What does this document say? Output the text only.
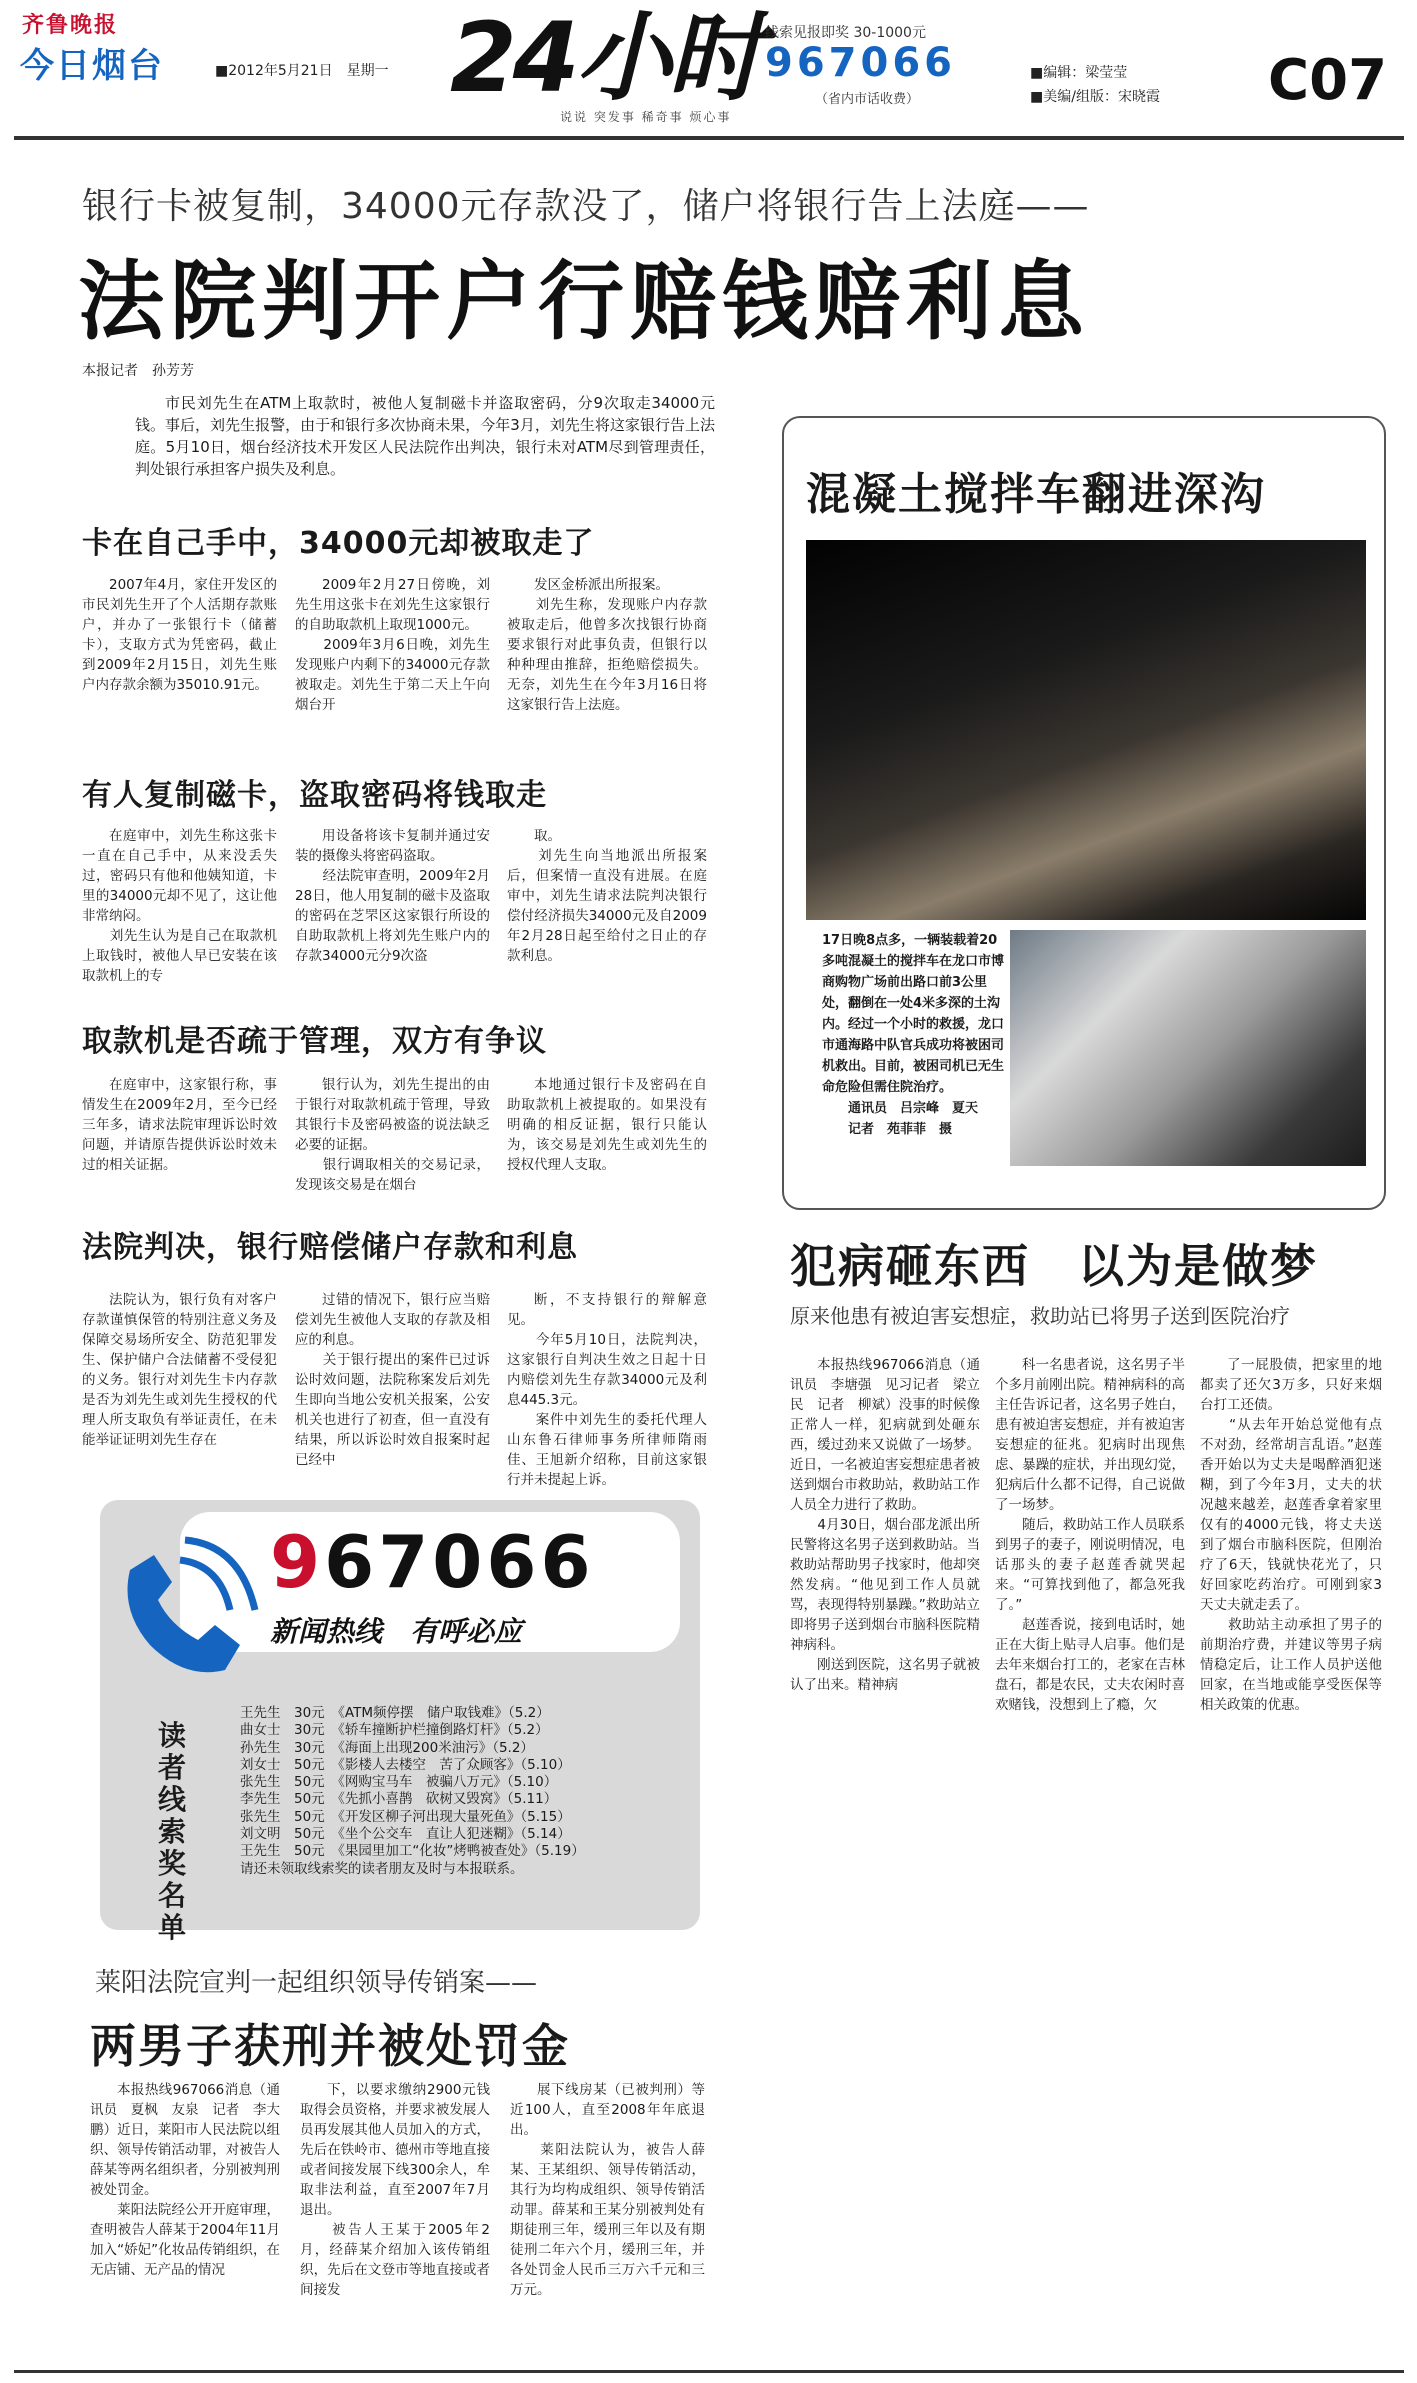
齐鲁晚报
今日烟台	■2012年5月21日　星期一 24小时
说说 突发事 稀奇事 烦心事
线索见报即奖 30-1000元
967066
（省内市话收费）
■编辑：梁莹莹
■美编/组版：宋晓霞 C07
银行卡被复制，34000元存款没了，储户将银行告上法庭——
法院判开户行赔钱赔利息
本报记者　孙芳芳

市民刘先生在ATM上取款时，被他人复制磁卡并盗取密码，分9次取走34000元钱。事后，刘先生报警，由于和银行多次协商未果，今年3月，刘先生将这家银行告上法庭。5月10日，烟台经济技术开发区人民法院作出判决，银行未对ATM尽到管理责任，判处银行承担客户损失及利息。

卡在自己手中，34000元却被取走了

2007年4月，家住开发区的市民刘先生开了个人活期存款账户，并办了一张银行卡（储蓄卡），支取方式为凭密码，截止到2009年2月15日，刘先生账户内存款余额为35010.91元。

2009年2月27日傍晚，刘先生用这张卡在刘先生这家银行的自助取款机上取现1000元。
　　2009年3月6日晚，刘先生发现账户内剩下的34000元存款被取走。刘先生于第二天上午向烟台开

发区金桥派出所报案。
　　刘先生称，发现账户内存款被取走后，他曾多次找银行协商要求银行对此事负责，但银行以种种理由推辞，拒绝赔偿损失。无奈，刘先生在今年3月16日将这家银行告上法庭。

有人复制磁卡，盗取密码将钱取走

在庭审中，刘先生称这张卡一直在自己手中，从来没丢失过，密码只有他和他姨知道，卡里的34000元却不见了，这让他非常纳闷。
　　刘先生认为是自己在取款机上取钱时，被他人早已安装在该取款机上的专

用设备将该卡复制并通过安装的摄像头将密码盗取。
　　经法院审查明，2009年2月28日，他人用复制的磁卡及盗取的密码在芝罘区这家银行所设的自助取款机上将刘先生账户内的存款34000元分9次盗

取。
　　刘先生向当地派出所报案后，但案情一直没有进展。在庭审中，刘先生请求法院判决银行偿付经济损失34000元及自2009年2月28日起至给付之日止的存款利息。

取款机是否疏于管理，双方有争议

在庭审中，这家银行称，事情发生在2009年2月，至今已经三年多，请求法院审理诉讼时效问题，并请原告提供诉讼时效未过的相关证据。

银行认为，刘先生提出的由于银行对取款机疏于管理，导致其银行卡及密码被盗的说法缺乏必要的证据。
　　银行调取相关的交易记录，发现该交易是在烟台

本地通过银行卡及密码在自助取款机上被提取的。如果没有明确的相反证据，银行只能认为，该交易是刘先生或刘先生的授权代理人支取。

法院判决，银行赔偿储户存款和利息

法院认为，银行负有对客户存款谨慎保管的特别注意义务及保障交易场所安全、防范犯罪发生、保护储户合法储蓄不受侵犯的义务。银行对刘先生卡内存款是否为刘先生或刘先生授权的代理人所支取负有举证责任，在未能举证证明刘先生存在

过错的情况下，银行应当赔偿刘先生被他人支取的存款及相应的利息。
　　关于银行提出的案件已过诉讼时效问题，法院称案发后刘先生即向当地公安机关报案，公安机关也进行了初查，但一直没有结果，所以诉讼时效自报案时起已经中

断，不支持银行的辩解意见。
　　今年5月10日，法院判决，这家银行自判决生效之日起十日内赔偿刘先生存款34000元及利息445.3元。
　　案件中刘先生的委托代理人山东鲁石律师事务所律师隋雨佳、王旭新介绍称，目前这家银行并未提起上诉。

混凝土搅拌车翻进深沟
17日晚8点多，一辆装载着20多吨混凝土的搅拌车在龙口市博商购物广场前出路口前3公里处，翻倒在一处4米多深的土沟内。经过一个小时的救援，龙口市通海路中队官兵成功将被困司机救出。目前，被困司机已无生命危险但需住院治疗。
　　通讯员　吕宗峰　夏天
　　记者　苑菲菲　摄
犯病砸东西　以为是做梦
原来他患有被迫害妄想症，救助站已将男子送到医院治疗

本报热线967066消息（通讯员　李塘强　见习记者　梁立民　记者　柳斌）没事的时候像正常人一样，犯病就到处砸东西，缓过劲来又说做了一场梦。近日，一名被迫害妄想症患者被送到烟台市救助站，救助站工作人员全力进行了救助。
　　4月30日，烟台邵龙派出所民警将这名男子送到救助站。当救助站帮助男子找家时，他却突然发病。“他见到工作人员就骂，表现得特别暴躁。”救助站立即将男子送到烟台市脑科医院精神病科。
　　刚送到医院，这名男子就被认了出来。精神病

科一名患者说，这名男子半个多月前刚出院。精神病科的高主任告诉记者，这名男子姓白，患有被迫害妄想症，并有被迫害妄想症的征兆。犯病时出现焦虑、暴躁的症状，并出现幻觉，犯病后什么都不记得，自己说做了一场梦。
　　随后，救助站工作人员联系到男子的妻子，刚说明情况，电话那头的妻子赵莲香就哭起来。“可算找到他了，都急死我了。”
　　赵莲香说，接到电话时，她正在大街上贴寻人启事。他们是去年来烟台打工的，老家在吉林盘石，都是农民，丈夫农闲时喜欢赌钱，没想到上了瘾，欠

了一屁股债，把家里的地都卖了还欠3万多，只好来烟台打工还债。
　　“从去年开始总觉他有点不对劲，经常胡言乱语。”赵莲香开始以为丈夫是喝醉酒犯迷糊，到了今年3月，丈夫的状况越来越差，赵莲香拿着家里仅有的4000元钱，将丈夫送到了烟台市脑科医院，但刚治疗了6天，钱就快花光了，只好回家吃药治疗。可刚到家3天丈夫就走丢了。
　　救助站主动承担了男子的前期治疗费，并建议等男子病情稳定后，让工作人员护送他回家，在当地或能享受医保等相关政策的优惠。

967066
新闻热线　有呼必应
读者线索奖名单
王先生　30元　《ATM频停摆　储户取钱难》（5.2）
曲女士　30元　《轿车撞断护栏撞倒路灯杆》（5.2）
孙先生　30元　《海面上出现200米油污》（5.2）
刘女士　50元　《影楼人去楼空　苦了众顾客》（5.10）
张先生　50元　《网购宝马车　被骗八万元》（5.10）
李先生　50元　《先抓小喜鹊　砍树又毁窝》（5.11）
张先生　50元　《开发区柳子河出现大量死鱼》（5.15）
刘文明　50元　《坐个公交车　直让人犯迷糊》（5.14）
王先生　50元　《果园里加工“化妆”烤鸭被查处》（5.19）
请还未领取线索奖的读者朋友及时与本报联系。
莱阳法院宣判一起组织领导传销案——
两男子获刑并被处罚金

本报热线967066消息（通讯员　夏枫　友泉　记者　李大鹏）近日，莱阳市人民法院以组织、领导传销活动罪，对被告人薛某等两名组织者，分别被判刑被处罚金。
　　莱阳法院经公开开庭审理，查明被告人薛某于2004年11月加入“娇妃”化妆品传销组织，在无店铺、无产品的情况

下，以要求缴纳2900元钱取得会员资格，并要求被发展人员再发展其他人员加入的方式，先后在铁岭市、德州市等地直接或者间接发展下线300余人，牟取非法利益，直至2007年7月退出。
　　被告人王某于2005年2月，经薛某介绍加入该传销组织，先后在文登市等地直接或者间接发

展下线房某（已被判刑）等近100人，直至2008年年底退出。
　　莱阳法院认为，被告人薛某、王某组织、领导传销活动，其行为均构成组织、领导传销活动罪。薛某和王某分别被判处有期徒刑三年，缓刑三年以及有期徒刑二年六个月，缓刑三年，并各处罚金人民币三万六千元和三万元。
